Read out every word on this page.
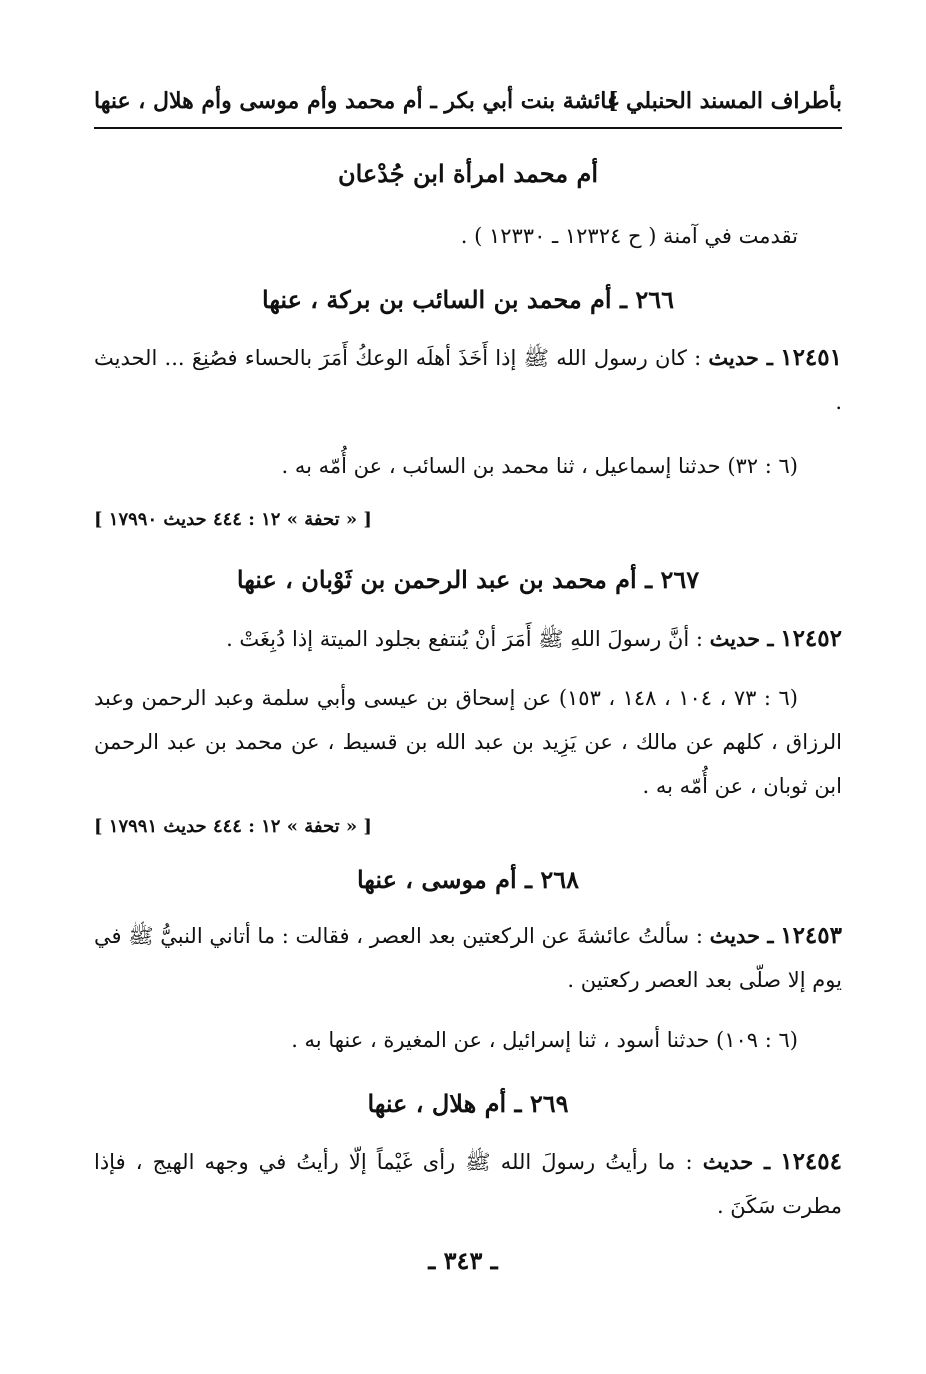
بأطراف المسند الحنبلي ]
عائشة بنت أبي بكر ـ أم محمد وأم موسى وأم هلال ، عنها
أم محمد امرأة ابن جُدْعان
تقدمت في آمنة ( ح ١٢٣٢٤ ـ ١٢٣٣٠ ) .
٢٦٦ ـ أم محمد بن السائب بن بركة ، عنها
١٢٤٥١ ـ حديث : كان رسول الله ﷺ إذا أَخَذَ أهلَه الوعكُ أَمَرَ بالحساء فصُنِعَ ... الحديث .
(٦ : ٣٢) حدثنا إسماعيل ، ثنا محمد بن السائب ، عن أُمّه به .
[ « تحفة » ١٢ : ٤٤٤ حديث ١٧٩٩٠ ]
٢٦٧ ـ أم محمد بن عبد الرحمن بن ثَوْبان ، عنها
١٢٤٥٢ ـ حديث : أنَّ رسولَ اللهِ ﷺ أَمَرَ أنْ يُنتفع بجلود الميتة إذا دُبِغَتْ .
(٦ : ٧٣ ، ١٠٤ ، ١٤٨ ، ١٥٣) عن إسحاق بن عيسى وأبي سلمة وعبد الرحمن وعبد الرزاق ، كلهم عن مالك ، عن يَزِيد بن عبد الله بن قسيط ، عن محمد بن عبد الرحمن ابن ثوبان ، عن أُمّه به .
[ « تحفة » ١٢ : ٤٤٤ حديث ١٧٩٩١ ]
٢٦٨ ـ أم موسى ، عنها
١٢٤٥٣ ـ حديث : سألتُ عائشةَ عن الركعتين بعد العصر ، فقالت : ما أتاني النبيُّ ﷺ في يوم إلا صلّى بعد العصر ركعتين .
(٦ : ١٠٩) حدثنا أسود ، ثنا إسرائيل ، عن المغيرة ، عنها به .
٢٦٩ ـ أم هلال ، عنها
١٢٤٥٤ ـ حديث : ما رأيتُ رسولَ الله ﷺ رأى غَيْماً إلّا رأيتُ في وجهه الهيج ، فإذا مطرت سَكَنَ .
ـ ٣٤٣ ـ
